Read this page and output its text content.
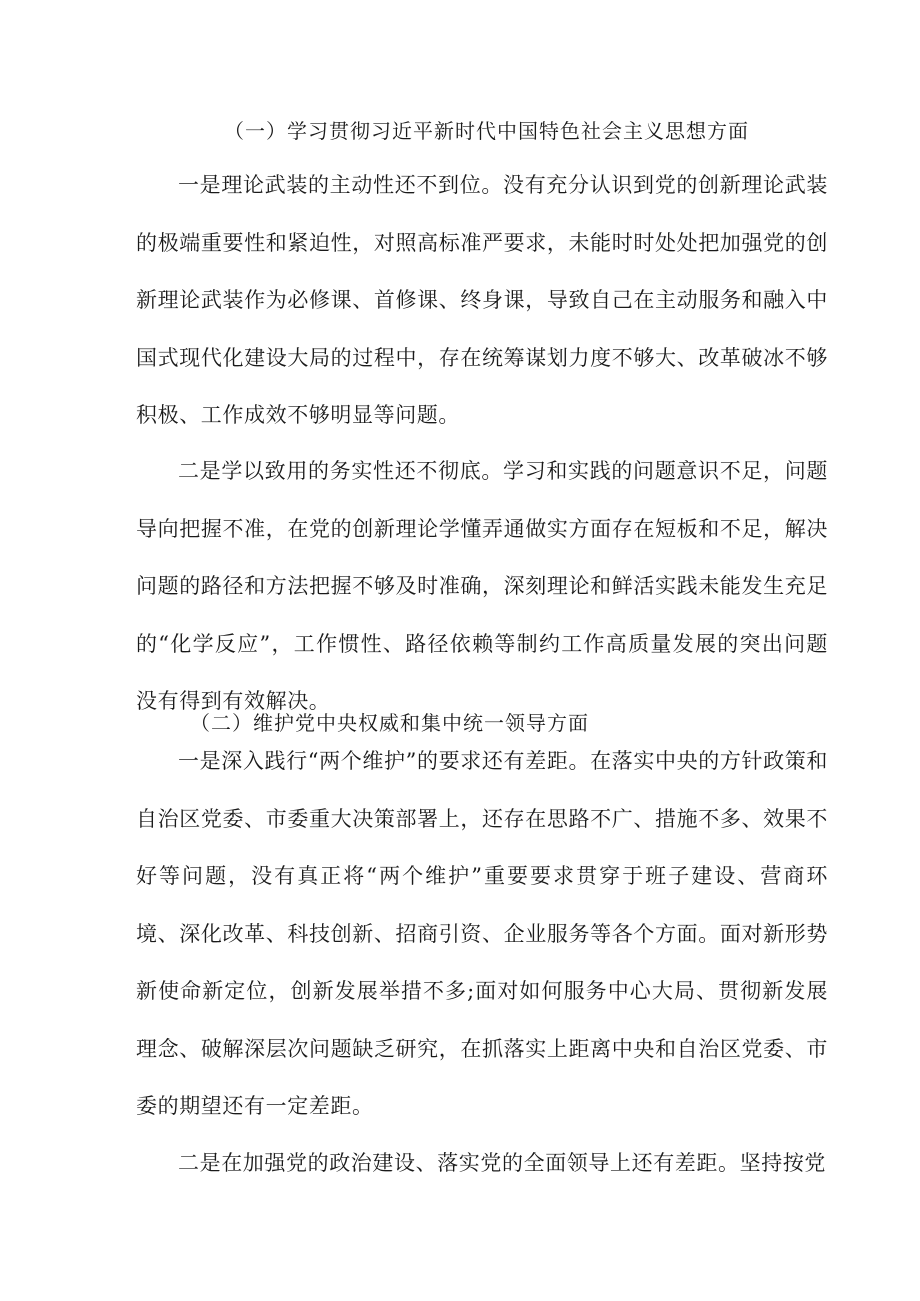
（一）学习贯彻习近平新时代中国特色社会主义思想方面

一是理论武装的主动性还不到位。没有充分认识到党的创新理论武装的极端重要性和紧迫性，对照高标准严要求，未能时时处处把加强党的创新理论武装作为必修课、首修课、终身课，导致自己在主动服务和融入中国式现代化建设大局的过程中，存在统筹谋划力度不够大、改革破冰不够积极、工作成效不够明显等问题。

二是学以致用的务实性还不彻底。学习和实践的问题意识不足，问题导向把握不准，在党的创新理论学懂弄通做实方面存在短板和不足，解决问题的路径和方法把握不够及时准确，深刻理论和鲜活实践未能发生充足的“化学反应”，工作惯性、路径依赖等制约工作高质量发展的突出问题没有得到有效解决。

（二）维护党中央权威和集中统一领导方面

一是深入践行“两个维护”的要求还有差距。在落实中央的方针政策和自治区党委、市委重大决策部署上，还存在思路不广、措施不多、效果不好等问题，没有真正将“两个维护”重要要求贯穿于班子建设、营商环境、深化改革、科技创新、招商引资、企业服务等各个方面。面对新形势新使命新定位，创新发展举措不多;面对如何服务中心大局、贯彻新发展理念、破解深层次问题缺乏研究，在抓落实上距离中央和自治区党委、市委的期望还有一定差距。

二是在加强党的政治建设、落实党的全面领导上还有差距。坚持按党
